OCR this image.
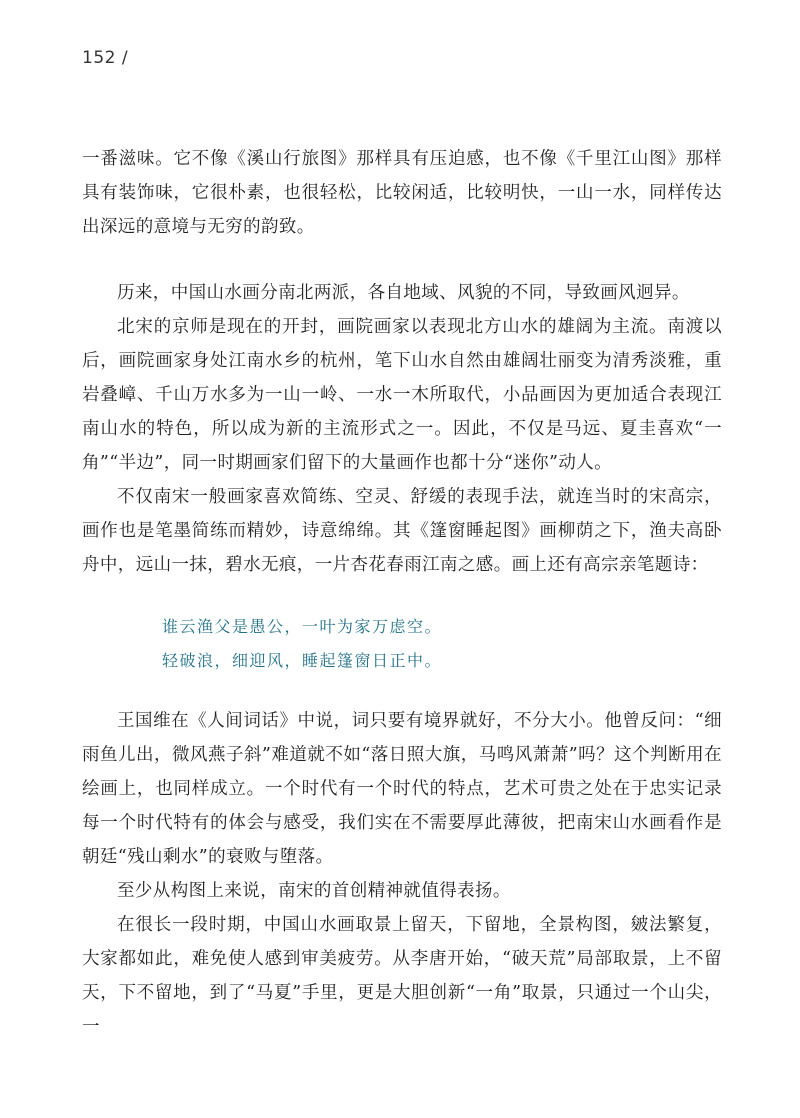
152 /

一番滋味。它不像《溪山行旅图》那样具有压迫感，也不像《千里江山图》那样具有装饰味，它很朴素，也很轻松，比较闲适，比较明快，一山一水，同样传达出深远的意境与无穷的韵致。

历来，中国山水画分南北两派，各自地域、风貌的不同，导致画风迥异。

北宋的京师是现在的开封，画院画家以表现北方山水的雄阔为主流。南渡以后，画院画家身处江南水乡的杭州，笔下山水自然由雄阔壮丽变为清秀淡雅，重岩叠嶂、千山万水多为一山一岭、一水一木所取代，小品画因为更加适合表现江南山水的特色，所以成为新的主流形式之一。因此，不仅是马远、夏圭喜欢“一角”“半边”，同一时期画家们留下的大量画作也都十分“迷你”动人。

不仅南宋一般画家喜欢简练、空灵、舒缓的表现手法，就连当时的宋高宗，画作也是笔墨简练而精妙，诗意绵绵。其《篷窗睡起图》画柳荫之下，渔夫高卧舟中，远山一抹，碧水无痕，一片杏花春雨江南之感。画上还有高宗亲笔题诗：

谁云渔父是愚公，一叶为家万虑空。
轻破浪，细迎风，睡起篷窗日正中。

王国维在《人间词话》中说，词只要有境界就好，不分大小。他曾反问：“细雨鱼儿出，微风燕子斜”难道就不如“落日照大旗，马鸣风萧萧”吗？这个判断用在绘画上，也同样成立。一个时代有一个时代的特点，艺术可贵之处在于忠实记录每一个时代特有的体会与感受，我们实在不需要厚此薄彼，把南宋山水画看作是朝廷“残山剩水”的衰败与堕落。

至少从构图上来说，南宋的首创精神就值得表扬。

在很长一段时期，中国山水画取景上留天，下留地，全景构图，皴法繁复，大家都如此，难免使人感到审美疲劳。从李唐开始，“破天荒”局部取景，上不留天，下不留地，到了“马夏”手里，更是大胆创新“一角”取景，只通过一个山尖，一
